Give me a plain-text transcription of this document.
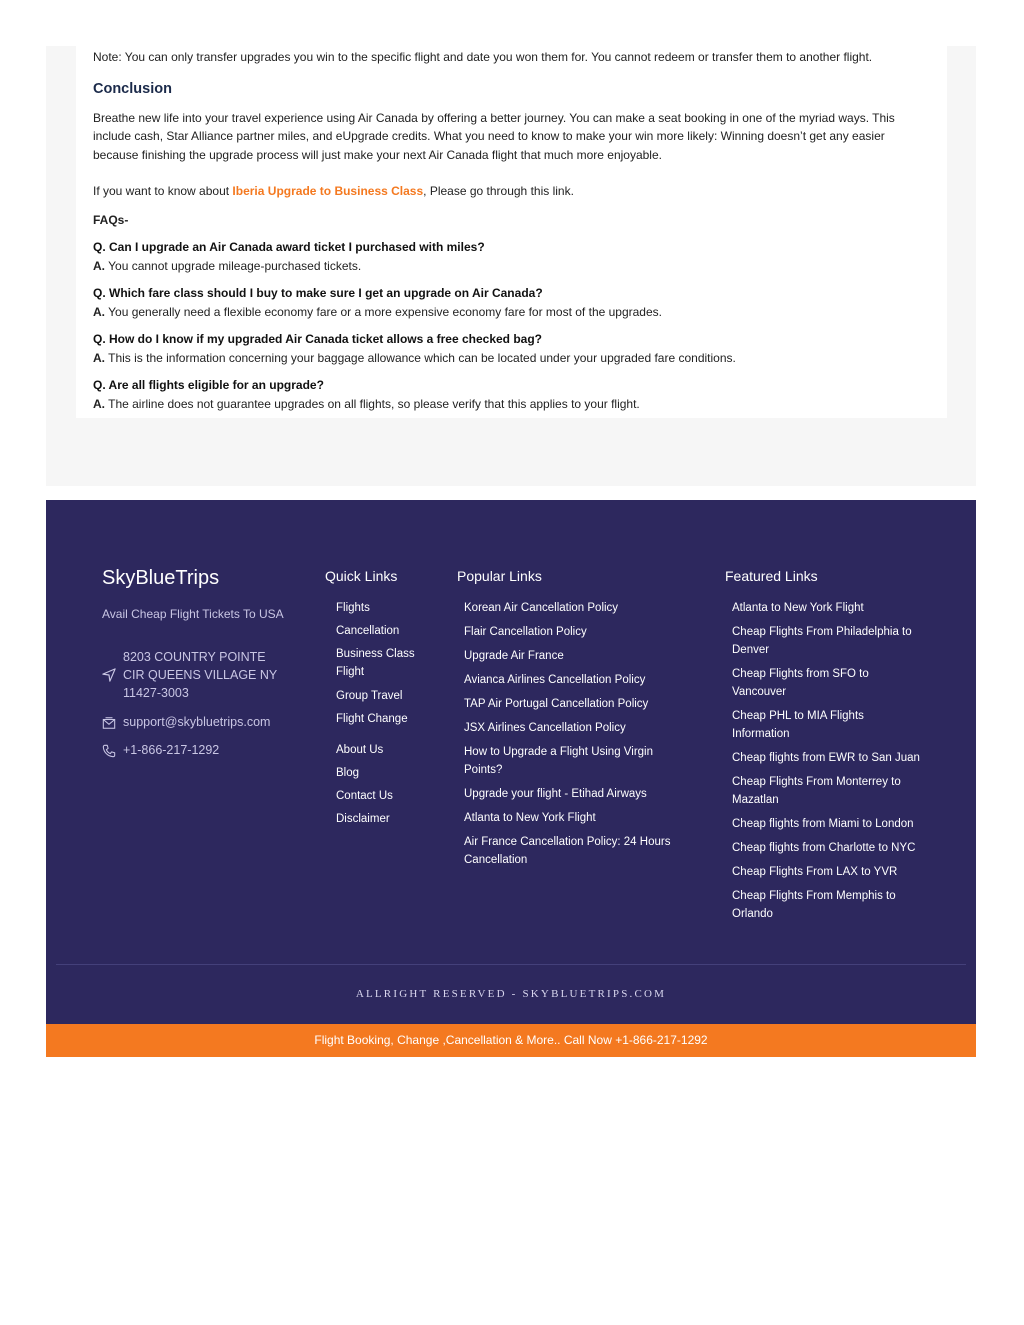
Note: You can only transfer upgrades you win to the specific flight and date you won them for. You cannot redeem or transfer them to another flight.

Conclusion

Breathe new life into your travel experience using Air Canada by offering a better journey. You can make a seat booking in one of the myriad ways. This include cash, Star Alliance partner miles, and eUpgrade credits. What you need to know to make your win more likely: Winning doesn’t get any easier because finishing the upgrade process will just make your next Air Canada flight that much more enjoyable.

If you want to know about Iberia Upgrade to Business Class, Please go through this link.

FAQs-

Q. Can I upgrade an Air Canada award ticket I purchased with miles?
A. You cannot upgrade mileage-purchased tickets.
Q. Which fare class should I buy to make sure I get an upgrade on Air Canada?
A. You generally need a flexible economy fare or a more expensive economy fare for most of the upgrades.
Q. How do I know if my upgraded Air Canada ticket allows a free checked bag?
A. This is the information concerning your baggage allowance which can be located under your upgraded fare conditions.
Q. Are all flights eligible for an upgrade?
A. The airline does not guarantee upgrades on all flights, so please verify that this applies to your flight.
SkyBlueTrips
Avail Cheap Flight Tickets To USA
8203 COUNTRY POINTE
CIR QUEENS VILLAGE NY
11427-3003
support@skybluetrips.com
+1-866-217-1292
Quick Links
Flights
Cancellation
Business Class
Flight
Group Travel
Flight Change
About Us
Blog
Contact Us
Disclaimer
Popular Links
Korean Air Cancellation Policy
Flair Cancellation Policy
Upgrade Air France
Avianca Airlines Cancellation Policy
TAP Air Portugal Cancellation Policy
JSX Airlines Cancellation Policy
How to Upgrade a Flight Using Virgin
Points?
Upgrade your flight - Etihad Airways
Atlanta to New York Flight
Air France Cancellation Policy: 24 Hours
Cancellation
Featured Links
Atlanta to New York Flight
Cheap Flights From Philadelphia to
Denver
Cheap Flights from SFO to
Vancouver
Cheap PHL to MIA Flights
Information
Cheap flights from EWR to San Juan
Cheap Flights From Monterrey to
Mazatlan
Cheap flights from Miami to London
Cheap flights from Charlotte to NYC
Cheap Flights From LAX to YVR
Cheap Flights From Memphis to
Orlando
ALLRIGHT RESERVED - SKYBLUETRIPS.COM
Flight Booking, Change ,Cancellation & More.. Call Now +1-866-217-1292
